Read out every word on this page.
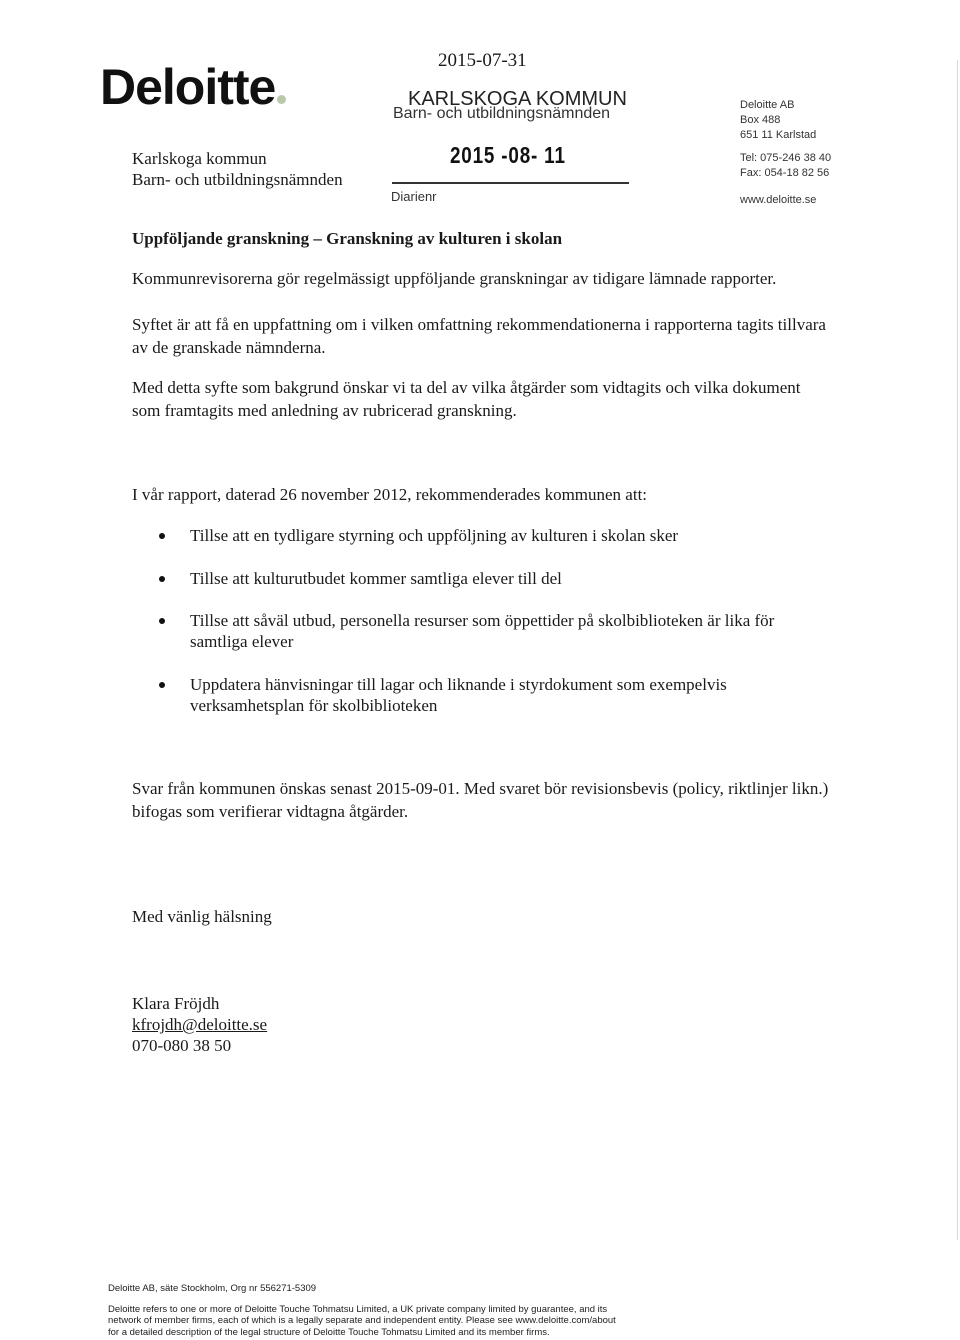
Deloitte	2015-07-31
KARLSKOGA KOMMUN
Barn- och utbildningsnämnden
2015 -08- 11
Diarienr
Karlskoga kommun
Barn- och utbildningsnämnden
Deloitte AB
Box 488
651 11 Karlstad
Tel: 075-246 38 40
Fax: 054-18 82 56
www.deloitte.se
Uppföljande granskning – Granskning av kulturen i skolan
Kommunrevisorerna gör regelmässigt uppföljande granskningar av tidigare lämnade rapporter.
Syftet är att få en uppfattning om i vilken omfattning rekommendationerna i rapporterna tagits tillvara av de granskade nämnderna.
Med detta syfte som bakgrund önskar vi ta del av vilka åtgärder som vidtagits och vilka dokument som framtagits med anledning av rubricerad granskning.
I vår rapport, daterad 26 november 2012, rekommenderades kommunen att:
Tillse att en tydligare styrning och uppföljning av kulturen i skolan sker
Tillse att kulturutbudet kommer samtliga elever till del
Tillse att såväl utbud, personella resurser som öppettider på skolbiblioteken är lika för samtliga elever
Uppdatera hänvisningar till lagar och liknande i styrdokument som exempelvis verksamhetsplan för skolbiblioteken
Svar från kommunen önskas senast 2015-09-01. Med svaret bör revisionsbevis (policy, riktlinjer likn.) bifogas som verifierar vidtagna åtgärder.
Med vänlig hälsning
Klara Fröjdh
kfrojdh@deloitte.se
070-080 38 50
Deloitte AB, säte Stockholm, Org nr 556271-5309
Deloitte refers to one or more of Deloitte Touche Tohmatsu Limited, a UK private company limited by guarantee, and its
network of member firms, each of which is a legally separate and independent entity. Please see www.deloitte.com/about
for a detailed description of the legal structure of Deloitte Touche Tohmatsu Limited and its member firms.
